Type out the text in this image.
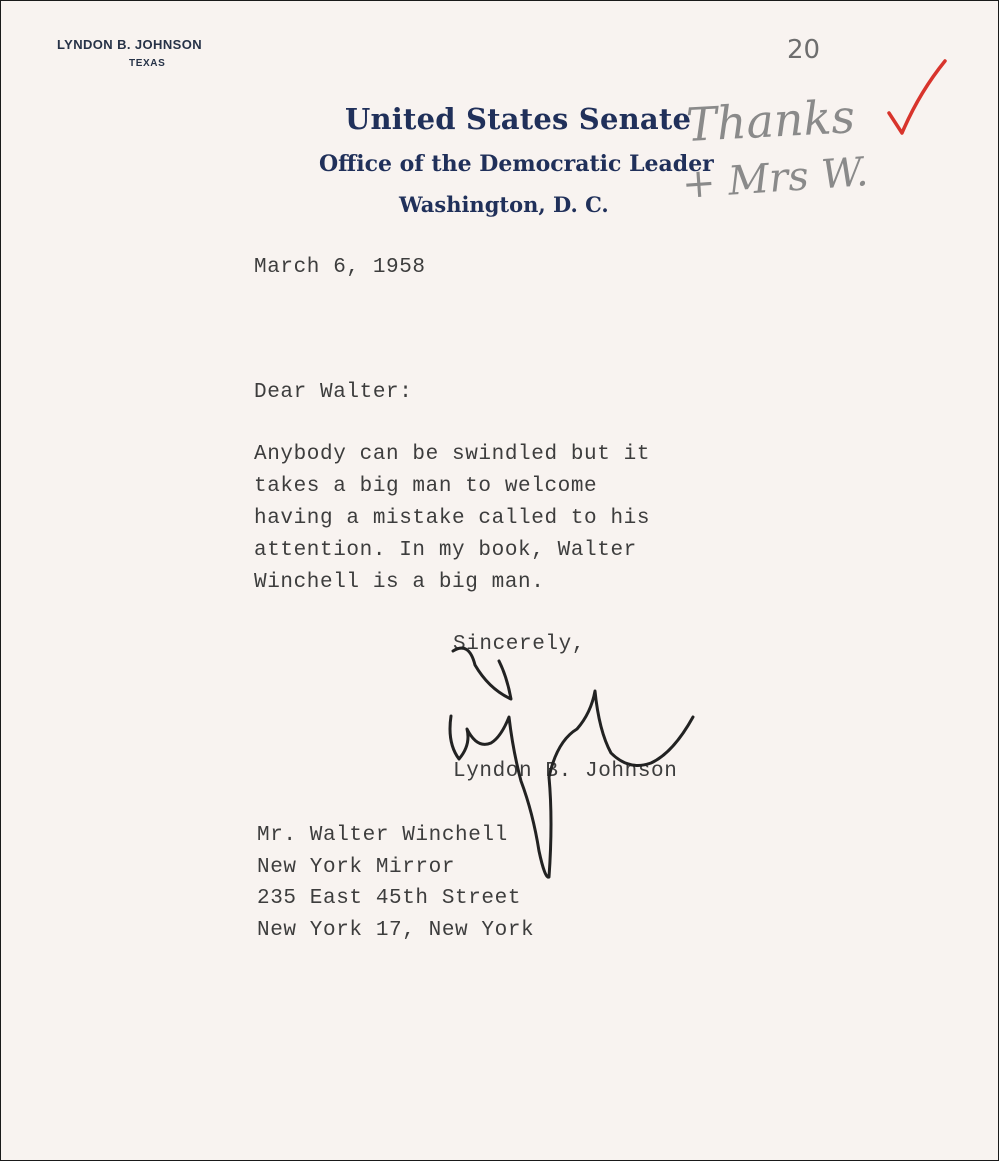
LYNDON B. JOHNSON
TEXAS
United States Senate
Office of the Democratic Leader
Washington, D. C.
March 6, 1958
Dear Walter:
Anybody can be swindled but it
takes a big man to welcome
having a mistake called to his
attention. In my book, Walter
Winchell is a big man.
Sincerely,
Lyndon B. Johnson
Mr. Walter Winchell
New York Mirror
235 East 45th Street
New York 17, New York
20
Thanks
+ Mrs W.
